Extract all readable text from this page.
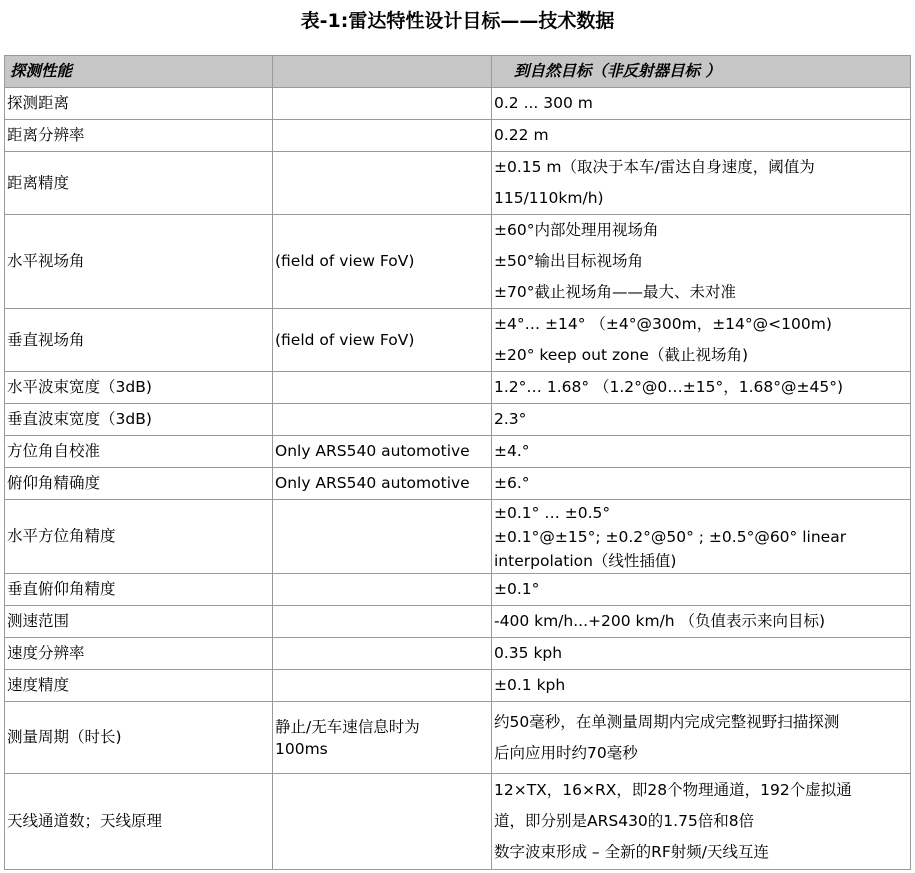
表-1:雷达特性设计目标——技术数据
探测性能		到自然目标（非反射器目标 ）
探测距离		0.2 ... 300 m

距离分辨率		0.22 m

距离精度		±0.15 m（取决于本车/雷达自身速度，阈值为
115/110km/h)

水平视场角	(field of view FoV)	±60°内部处理用视场角
±50°输出目标视场角
±70°截止视场角——最大、未对准

垂直视场角	(field of view FoV)	±4°… ±14° （±4°@300m，±14°@<100m)
±20° keep out zone（截止视场角)

水平波束宽度（3dB)		1.2°… 1.68° （1.2°@0…±15°，1.68°@±45°)

垂直波束宽度（3dB)		2.3°

方位角自校准	Only ARS540 automotive	±4.°

俯仰角精确度	Only ARS540 automotive	±6.°

水平方位角精度		±0.1° … ±0.5°
±0.1°@±15°; ±0.2°@50° ; ±0.5°@60° linear
interpolation（线性插值)

垂直俯仰角精度		±0.1°

测速范围		-400 km/h...+200 km/h （负值表示来向目标)

速度分辨率		0.35 kph

速度精度		±0.1 kph

测量周期（时长)	静止/无车速信息时为
100ms	约50毫秒，在单测量周期内完成完整视野扫描探测
后向应用时约70毫秒

天线通道数；天线原理		12×TX，16×RX，即28个物理通道，192个虚拟通
道，即分别是ARS430的1.75倍和8倍
数字波束形成 – 全新的RF射频/天线互连
